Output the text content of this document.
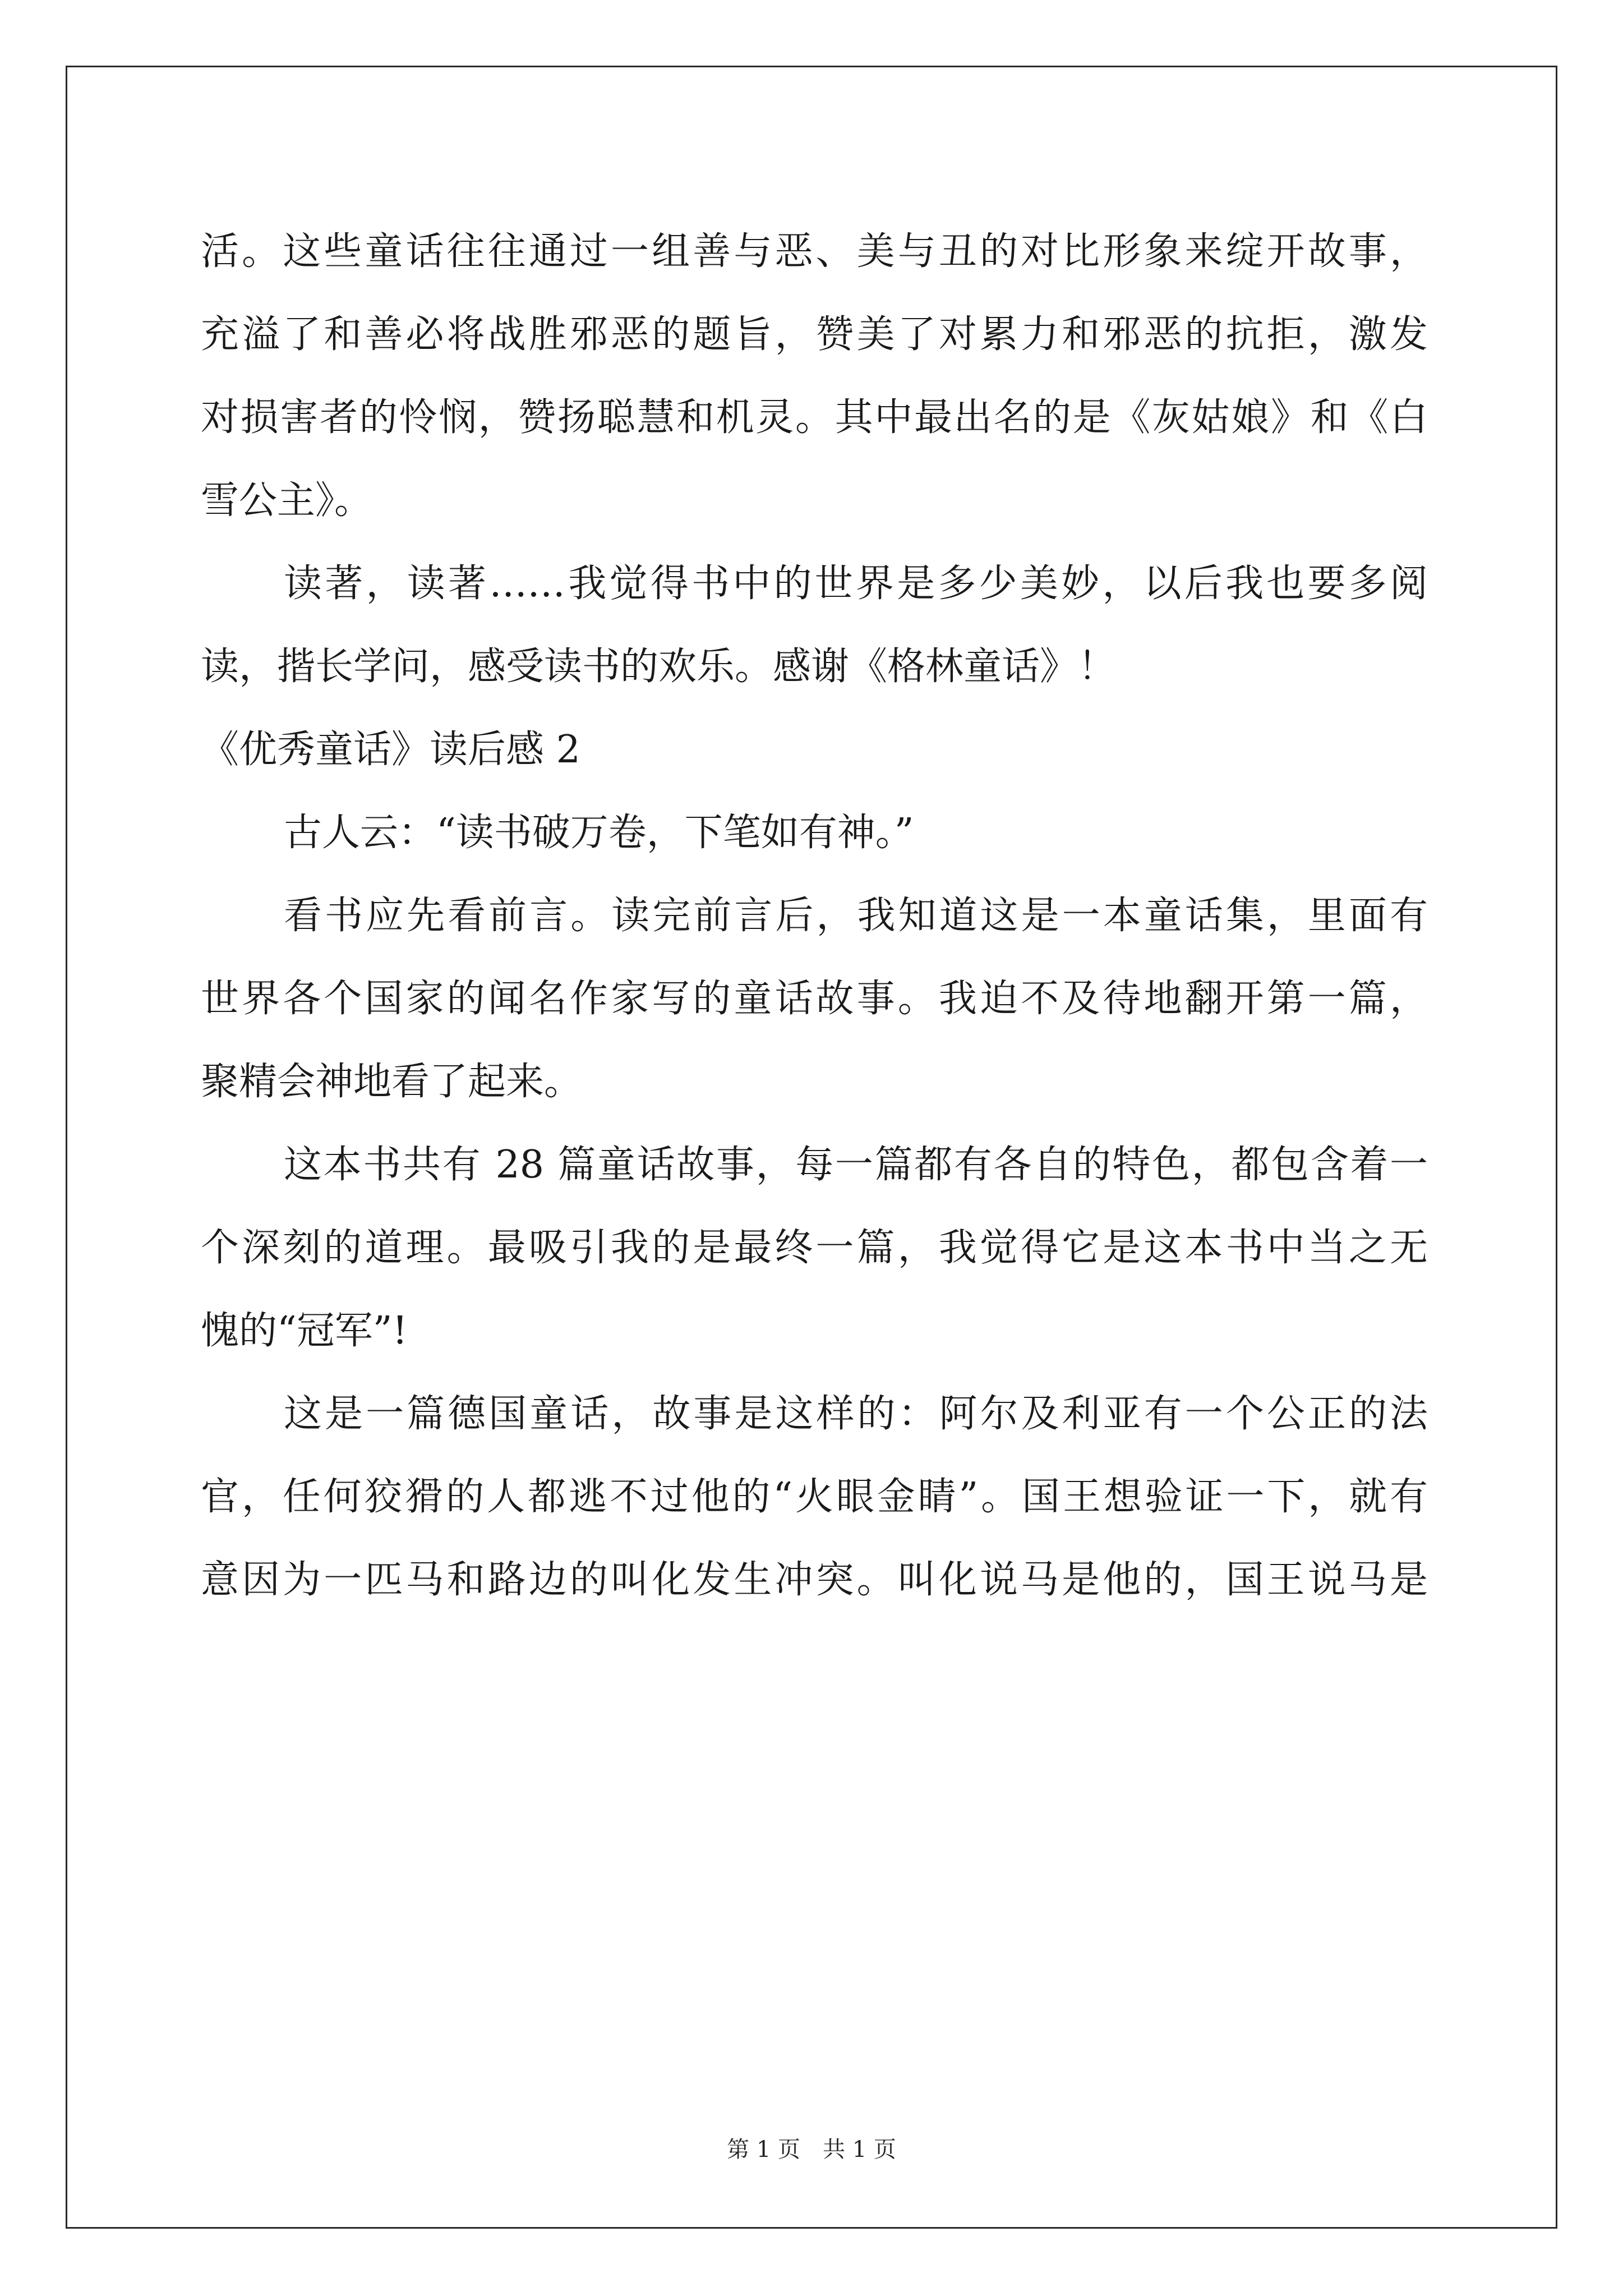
活。这些童话往往通过一组善与恶、美与丑的对比形象来绽开故事，
充溢了和善必将战胜邪恶的题旨，赞美了对累力和邪恶的抗拒，激发
对损害者的怜悯，赞扬聪慧和机灵。其中最出名的是《灰姑娘》和《白
雪公主》。
读著，读著……我觉得书中的世界是多少美妙，以后我也要多阅
读，揩长学问，感受读书的欢乐。感谢《格林童话》！
《优秀童话》读后感 2
古人云：“读书破万卷，下笔如有神。”
看书应先看前言。读完前言后，我知道这是一本童话集，里面有
世界各个国家的闻名作家写的童话故事。我迫不及待地翻开第一篇，
聚精会神地看了起来。
这本书共有 28 篇童话故事，每一篇都有各自的特色，都包含着一
个深刻的道理。最吸引我的是最终一篇，我觉得它是这本书中当之无
愧的“冠军”!
这是一篇德国童话，故事是这样的：阿尔及利亚有一个公正的法
官，任何狡猾的人都逃不过他的“火眼金睛”。国王想验证一下，就有
意因为一匹马和路边的叫化发生冲突。叫化说马是他的，国王说马是
第 1 页　共 1 页
